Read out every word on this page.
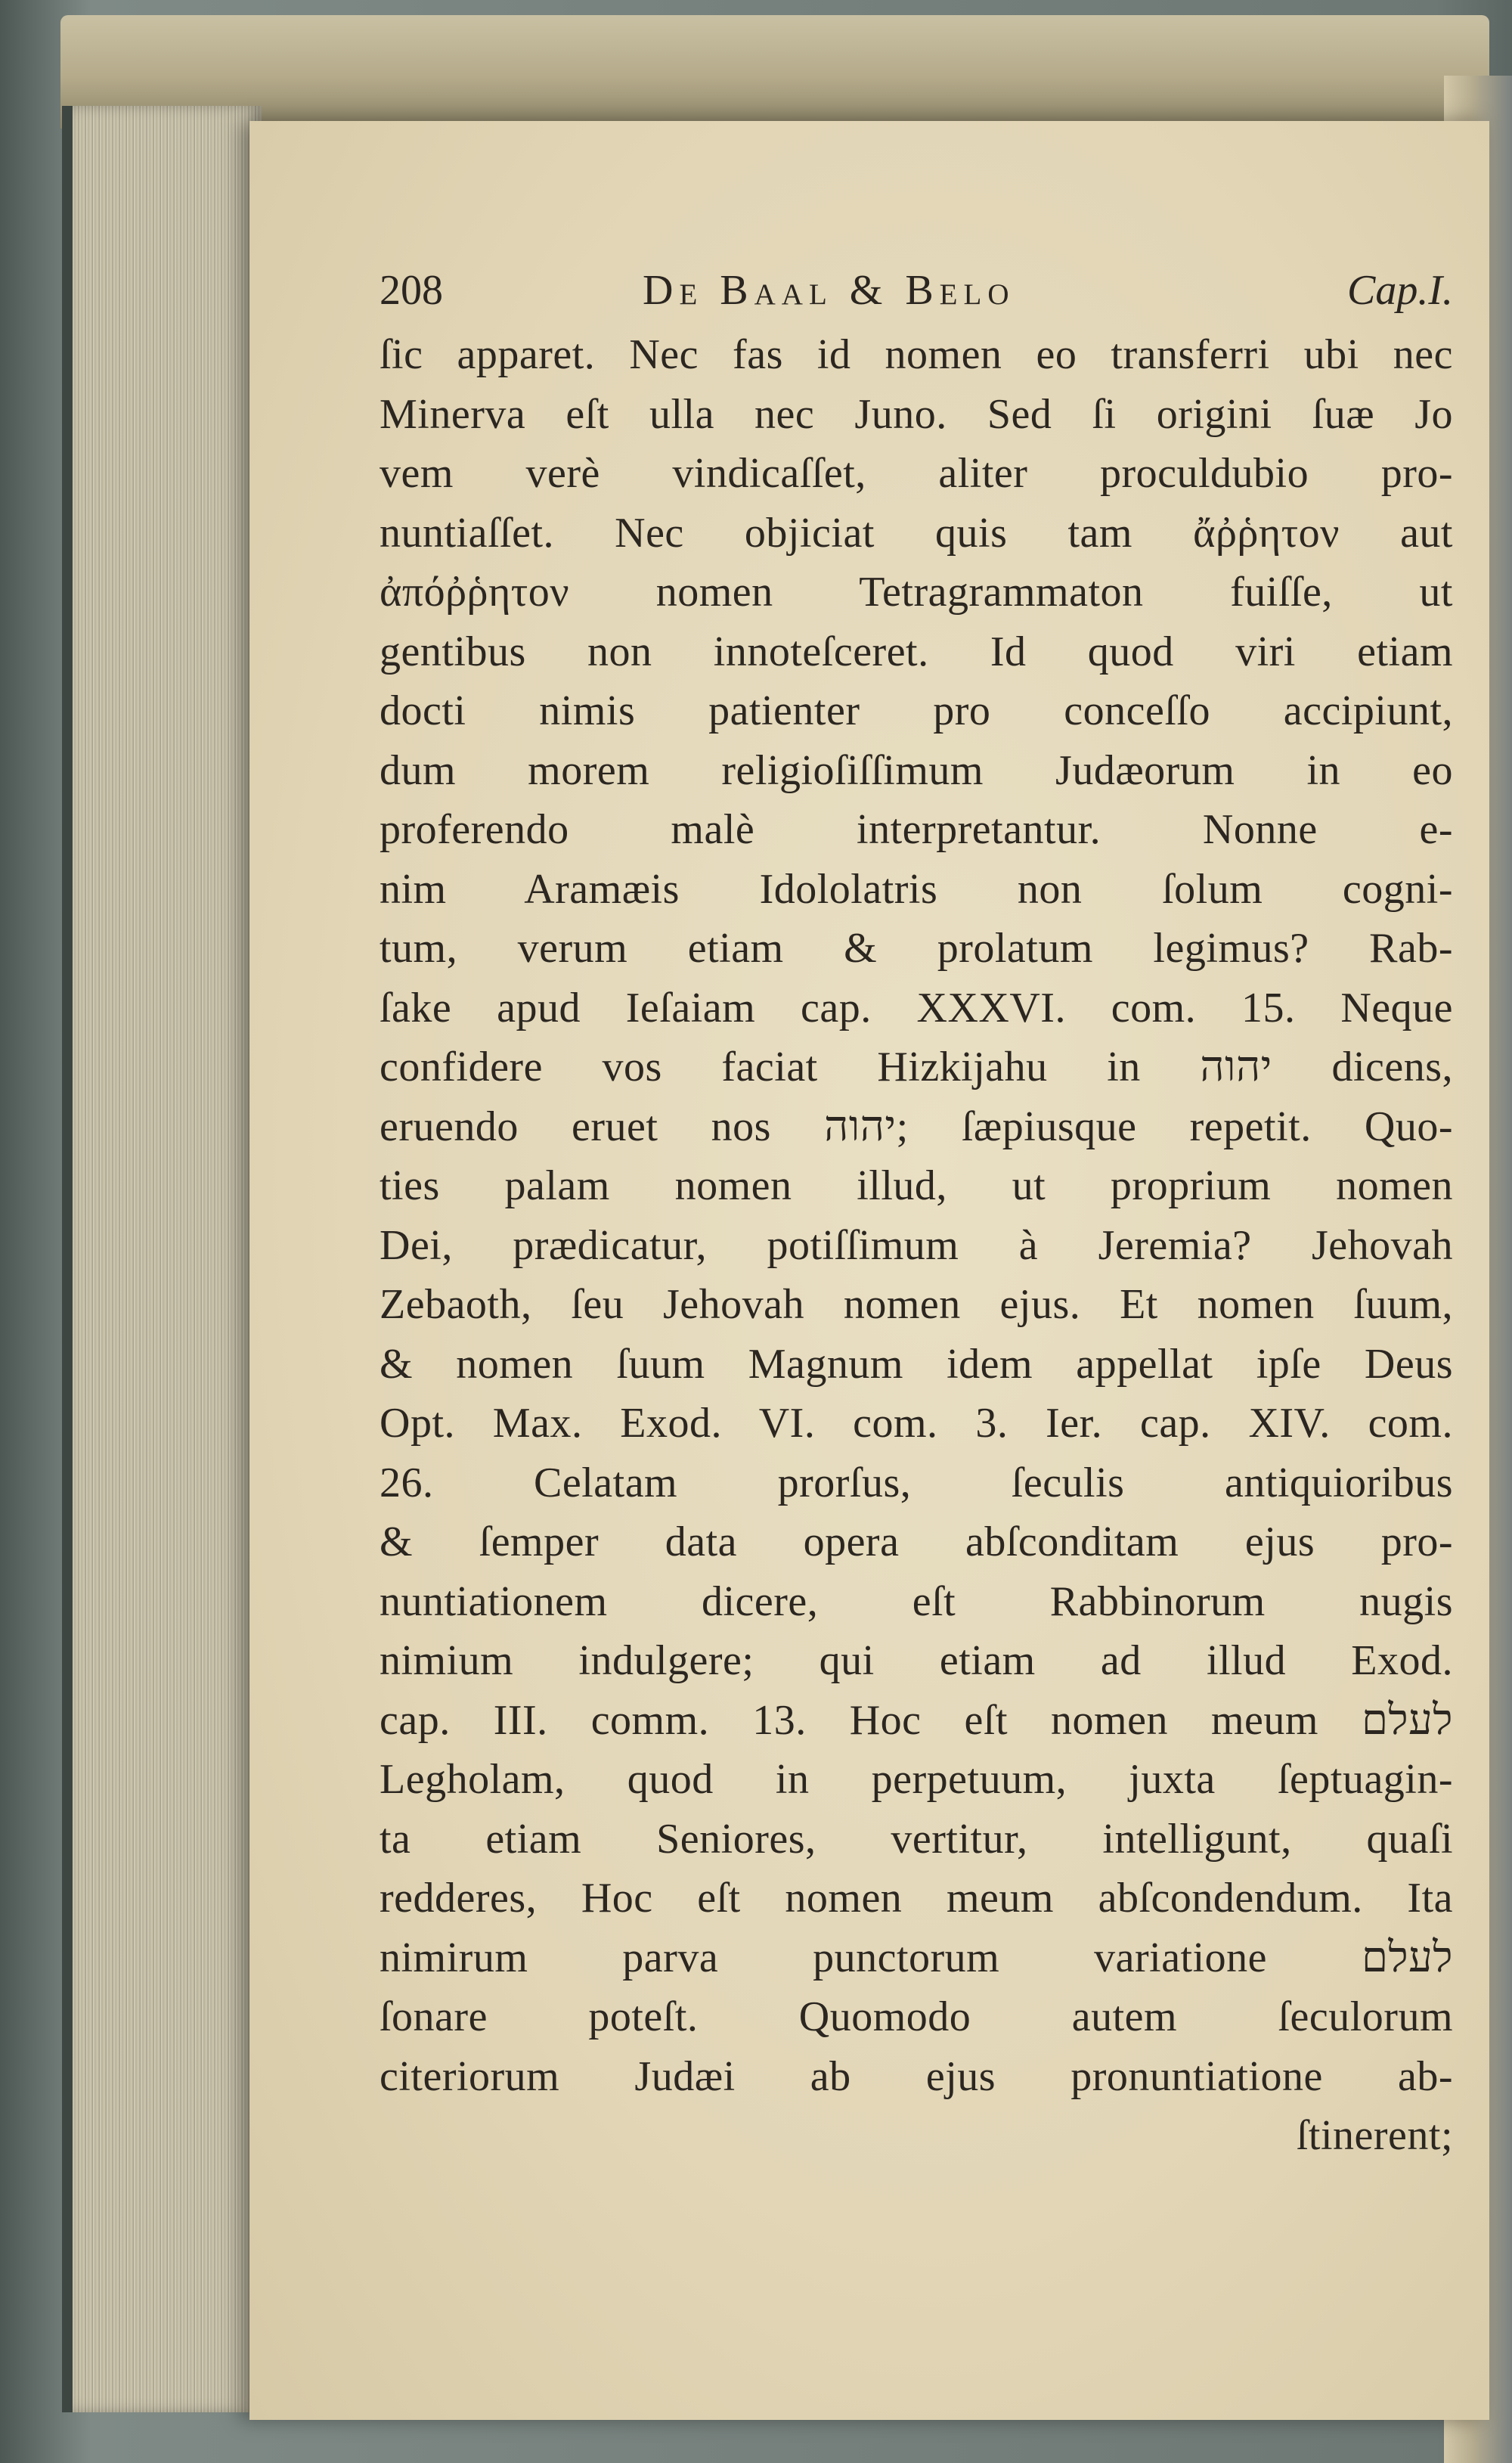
208	De Baal & Belo	Cap.I.
ſic apparet. Nec fas id nomen eo transferri ubi nec
Minerva eſt ulla nec Juno. Sed ſi origini ſuæ Jo
vem verè vindicaſſet, aliter proculdubio pro-
nuntiaſſet. Nec objiciat quis tam ἄῤῥητον aut
ἀπόῤῥητον nomen Tetragrammaton fuiſſe, ut
gentibus non innoteſceret. Id quod viri etiam
docti nimis patienter pro conceſſo accipiunt,
dum morem religioſiſſimum Judæorum in eo
proferendo malè interpretantur. Nonne e-
nim Aramæis Idololatris non ſolum cogni-
tum, verum etiam & prolatum legimus? Rab-
ſake apud Ieſaiam cap. XXXVI. com. 15. Neque
confidere vos faciat Hizkijahu in יהוה dicens,
eruendo eruet nos יהוה; ſæpiusque repetit. Quo-
ties palam nomen illud, ut proprium nomen
Dei, prædicatur, potiſſimum à Jeremia? Jehovah
Zebaoth, ſeu Jehovah nomen ejus. Et nomen ſuum,
& nomen ſuum Magnum idem appellat ipſe Deus
Opt. Max. Exod. VI. com. 3. Ier. cap. XIV. com.
26. Celatam prorſus, ſeculis antiquioribus
& ſemper data opera abſconditam ejus pro-
nuntiationem dicere, eſt Rabbinorum nugis
nimium indulgere; qui etiam ad illud Exod.
cap. III. comm. 13. Hoc eſt nomen meum לעלם
Legholam, quod in perpetuum, juxta ſeptuagin-
ta etiam Seniores, vertitur, intelligunt, quaſi
redderes, Hoc eſt nomen meum abſcondendum. Ita
nimirum parva punctorum variatione לעלם
ſonare poteſt. Quomodo autem ſeculorum
citeriorum Judæi ab ejus pronuntiatione ab-
ſtinerent;
